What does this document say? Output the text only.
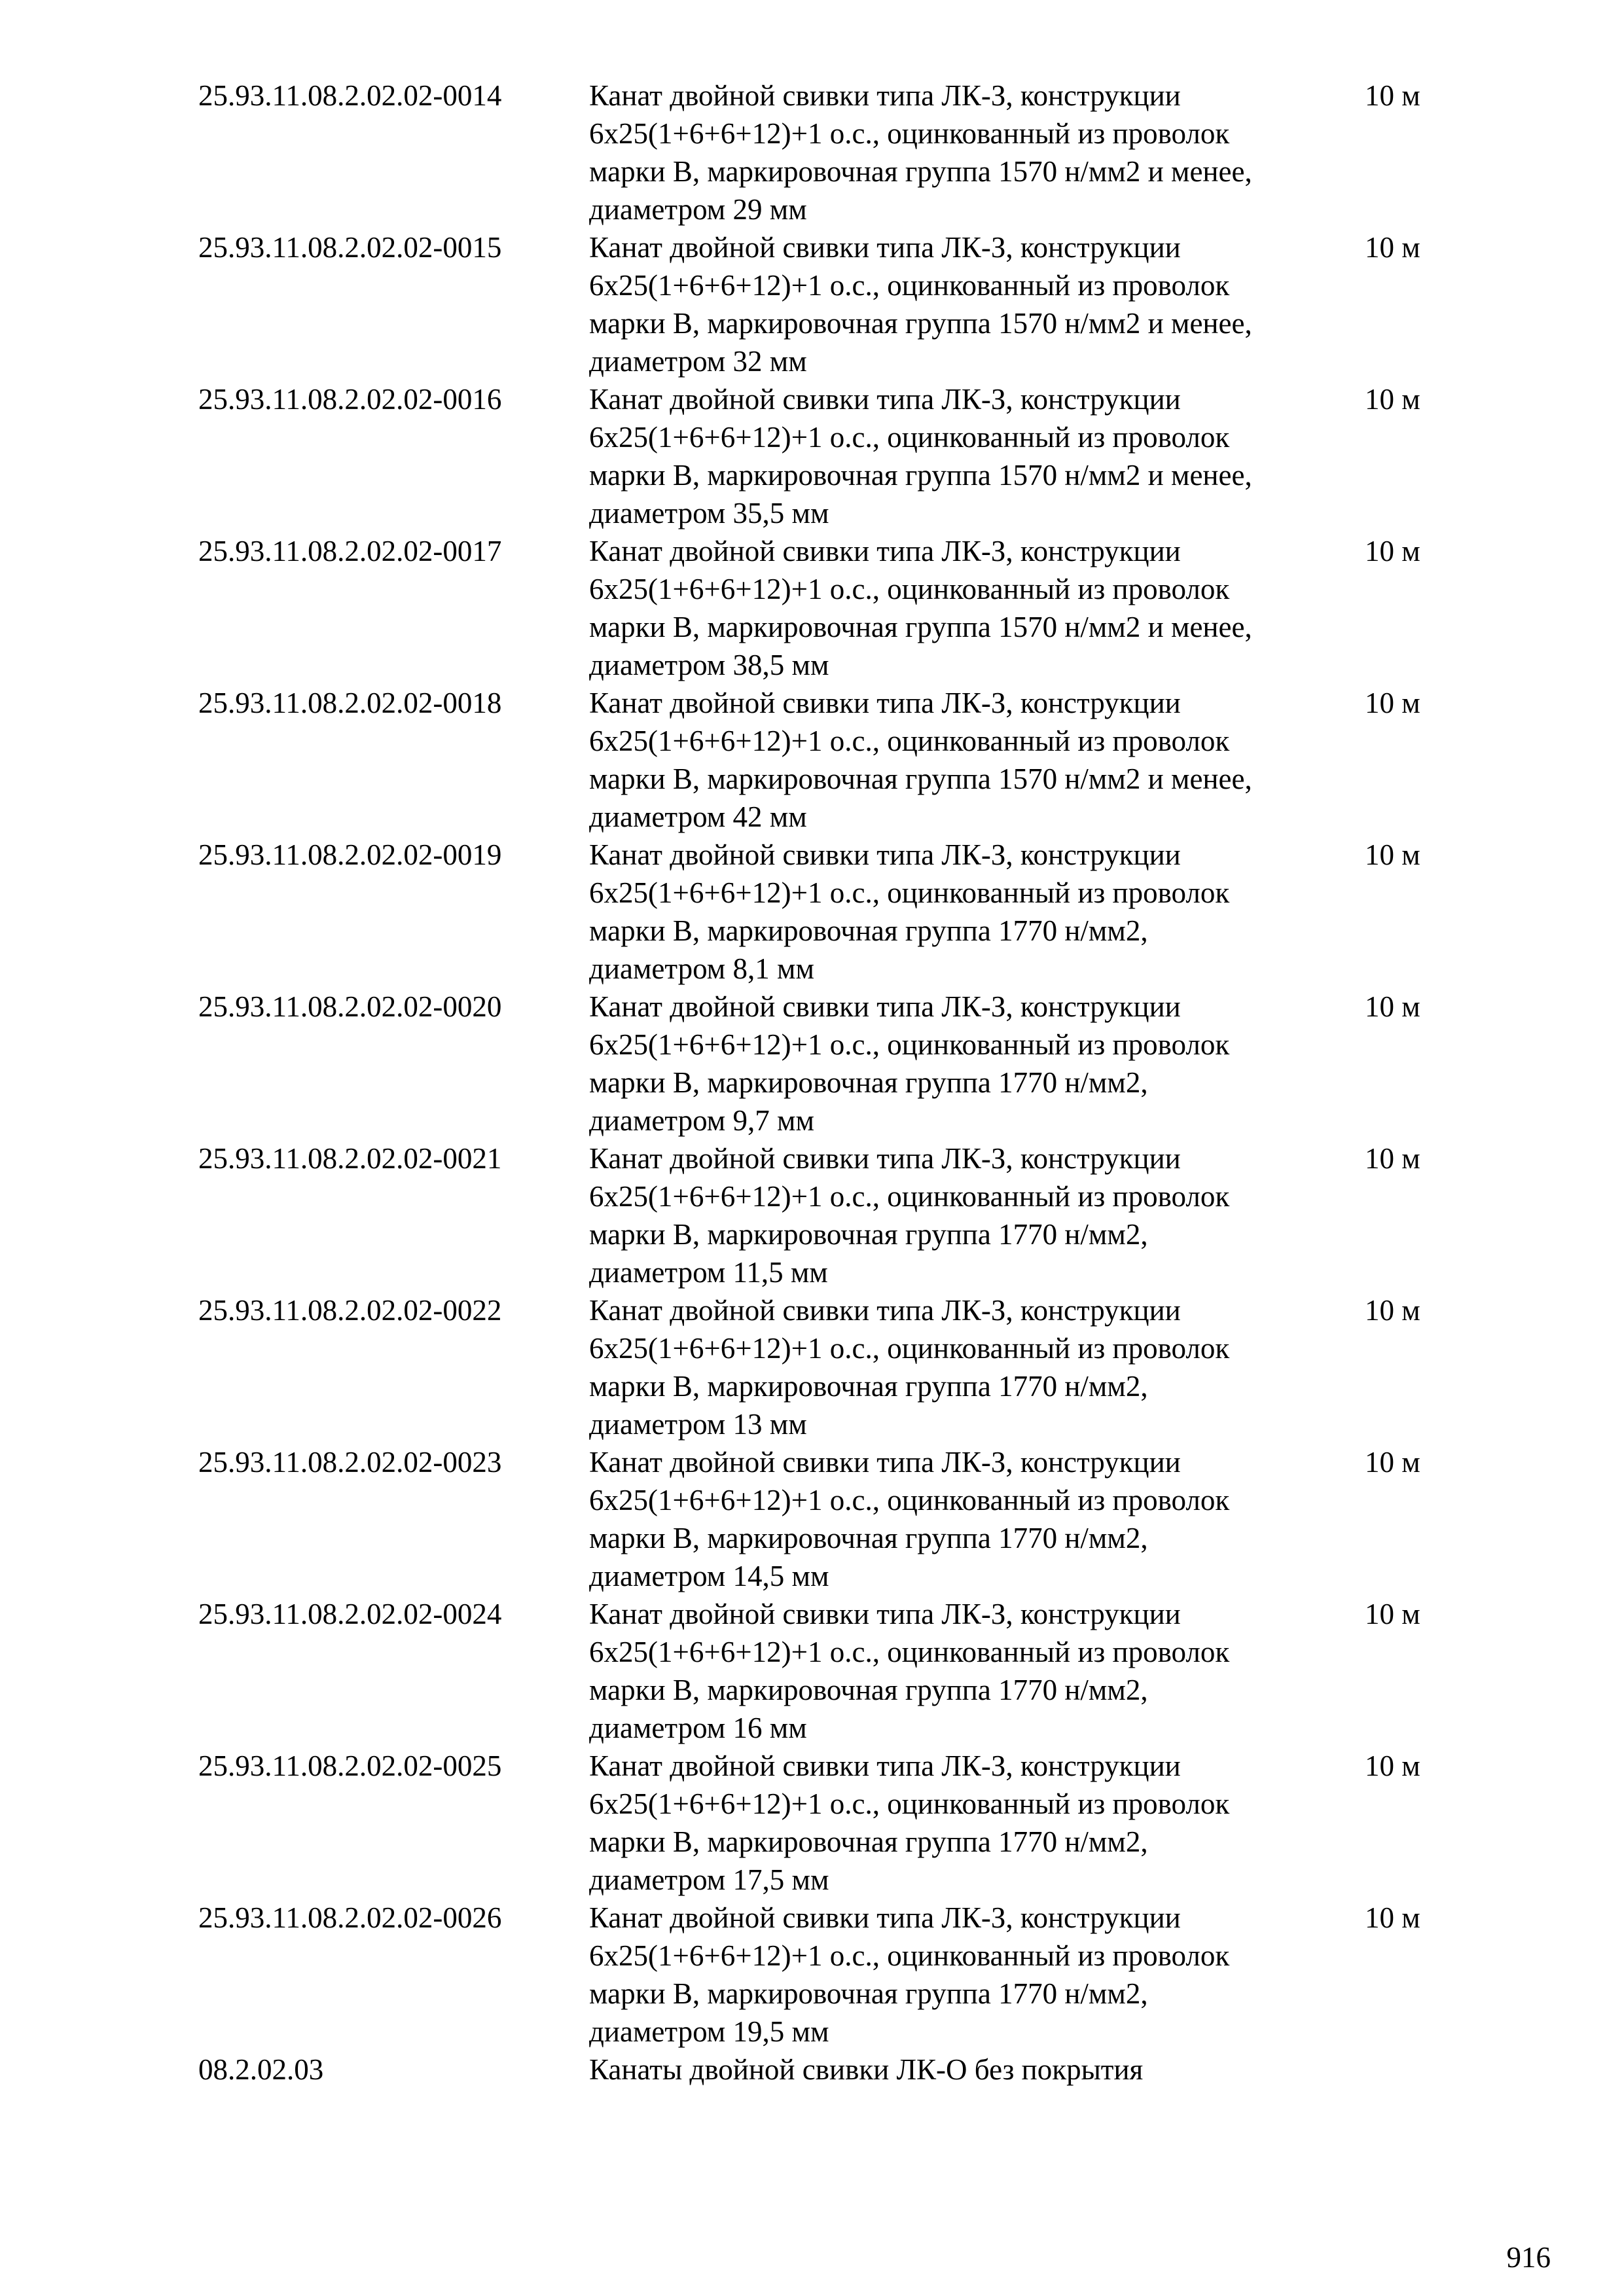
25.93.11.08.2.02.02-0014	Канат двойной свивки типа ЛК-З, конструкции
6х25(1+6+6+12)+1 о.с., оцинкованный из проволок
марки В, маркировочная группа 1570 н/мм2 и менее,
диаметром 29 мм
10 м
25.93.11.08.2.02.02-0015	Канат двойной свивки типа ЛК-З, конструкции
6х25(1+6+6+12)+1 о.с., оцинкованный из проволок
марки В, маркировочная группа 1570 н/мм2 и менее,
диаметром 32 мм
10 м
25.93.11.08.2.02.02-0016	Канат двойной свивки типа ЛК-З, конструкции
6х25(1+6+6+12)+1 о.с., оцинкованный из проволок
марки В, маркировочная группа 1570 н/мм2 и менее,
диаметром 35,5 мм
10 м
25.93.11.08.2.02.02-0017	Канат двойной свивки типа ЛК-З, конструкции
6х25(1+6+6+12)+1 о.с., оцинкованный из проволок
марки В, маркировочная группа 1570 н/мм2 и менее,
диаметром 38,5 мм
10 м
25.93.11.08.2.02.02-0018	Канат двойной свивки типа ЛК-З, конструкции
6х25(1+6+6+12)+1 о.с., оцинкованный из проволок
марки В, маркировочная группа 1570 н/мм2 и менее,
диаметром 42 мм
10 м
25.93.11.08.2.02.02-0019	Канат двойной свивки типа ЛК-З, конструкции
6х25(1+6+6+12)+1 о.с., оцинкованный из проволок
марки В, маркировочная группа 1770 н/мм2,
диаметром 8,1 мм
10 м
25.93.11.08.2.02.02-0020	Канат двойной свивки типа ЛК-З, конструкции
6х25(1+6+6+12)+1 о.с., оцинкованный из проволок
марки В, маркировочная группа 1770 н/мм2,
диаметром 9,7 мм
10 м
25.93.11.08.2.02.02-0021	Канат двойной свивки типа ЛК-З, конструкции
6х25(1+6+6+12)+1 о.с., оцинкованный из проволок
марки В, маркировочная группа 1770 н/мм2,
диаметром 11,5 мм
10 м
25.93.11.08.2.02.02-0022	Канат двойной свивки типа ЛК-З, конструкции
6х25(1+6+6+12)+1 о.с., оцинкованный из проволок
марки В, маркировочная группа 1770 н/мм2,
диаметром 13 мм
10 м
25.93.11.08.2.02.02-0023	Канат двойной свивки типа ЛК-З, конструкции
6х25(1+6+6+12)+1 о.с., оцинкованный из проволок
марки В, маркировочная группа 1770 н/мм2,
диаметром 14,5 мм
10 м
25.93.11.08.2.02.02-0024	Канат двойной свивки типа ЛК-З, конструкции
6х25(1+6+6+12)+1 о.с., оцинкованный из проволок
марки В, маркировочная группа 1770 н/мм2,
диаметром 16 мм
10 м
25.93.11.08.2.02.02-0025	Канат двойной свивки типа ЛК-З, конструкции
6х25(1+6+6+12)+1 о.с., оцинкованный из проволок
марки В, маркировочная группа 1770 н/мм2,
диаметром 17,5 мм
10 м
25.93.11.08.2.02.02-0026	Канат двойной свивки типа ЛК-З, конструкции
6х25(1+6+6+12)+1 о.с., оцинкованный из проволок
марки В, маркировочная группа 1770 н/мм2,
диаметром 19,5 мм
10 м
08.2.02.03	Канаты двойной свивки ЛК-О без покрытия
916
